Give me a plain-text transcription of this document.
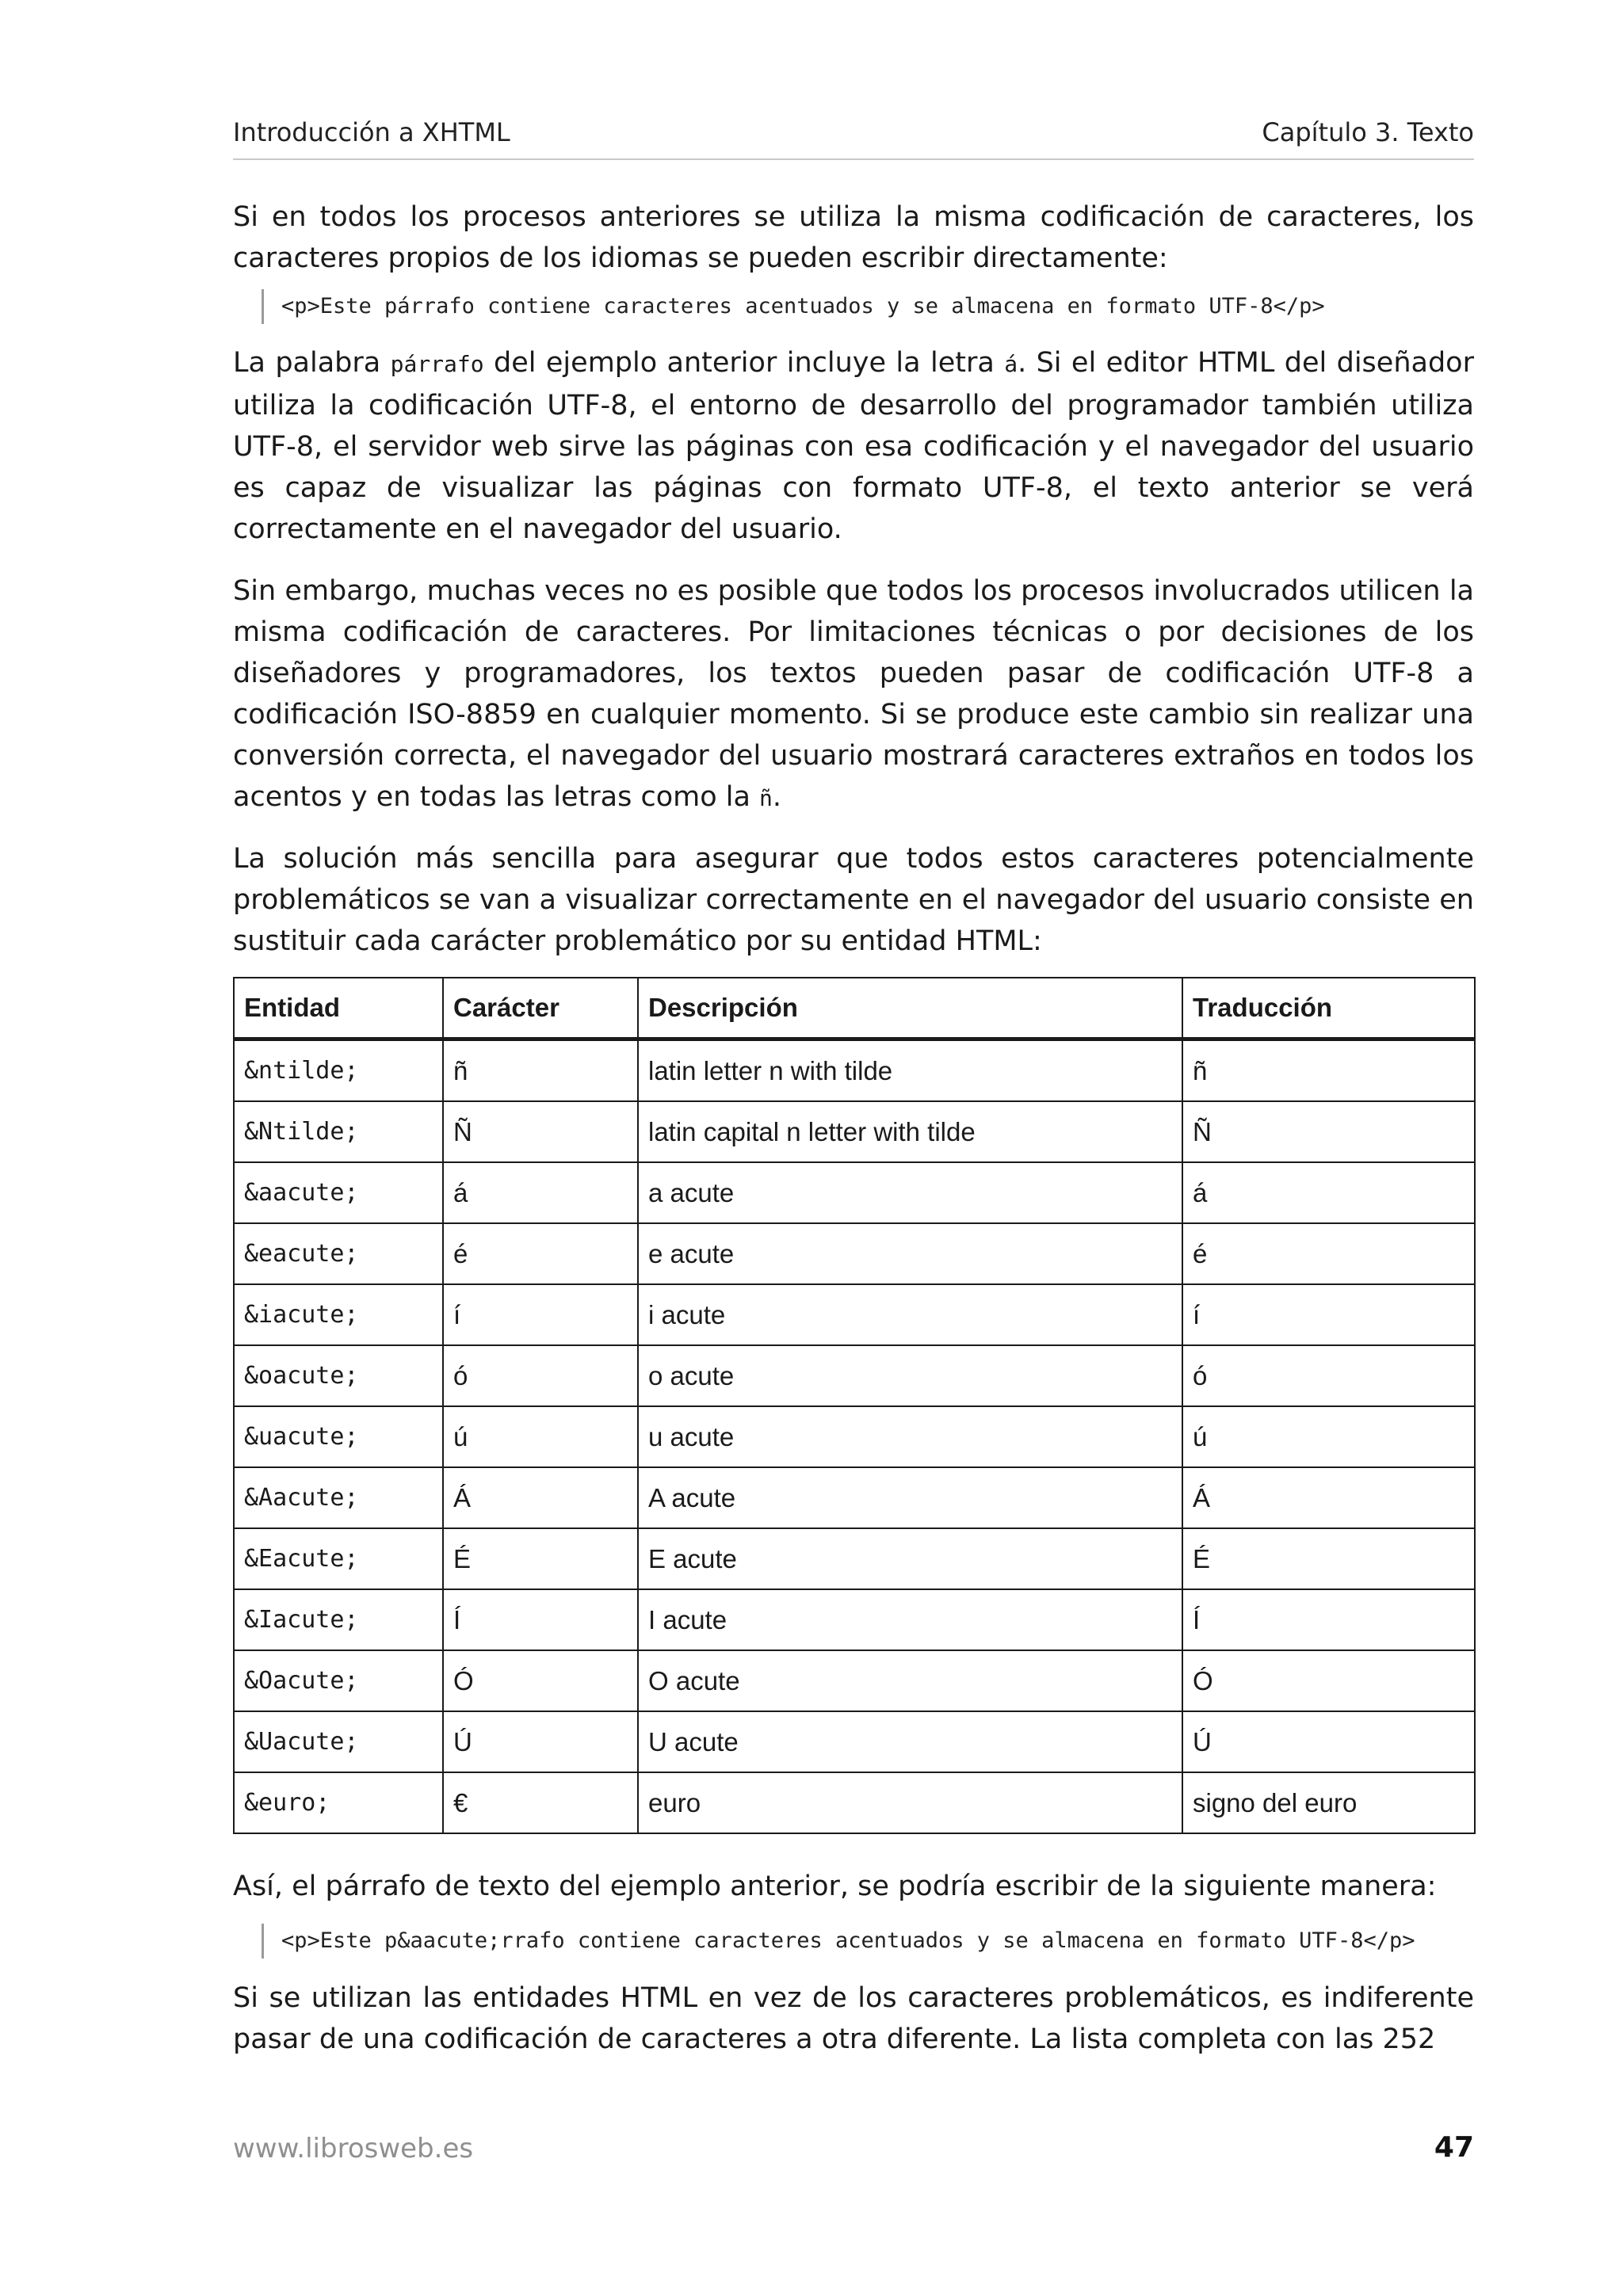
Introducción a XHTML	Capítulo 3. Texto

Si en todos los procesos anteriores se utiliza la misma codificación de caracteres, los caracteres propios de los idiomas se pueden escribir directamente:

<p>Este párrafo contiene caracteres acentuados y se almacena en formato UTF-8</p>

La palabra párrafo del ejemplo anterior incluye la letra á. Si el editor HTML del diseñador utiliza la codificación UTF-8, el entorno de desarrollo del programador también utiliza UTF-8, el servidor web sirve las páginas con esa codificación y el navegador del usuario es capaz de visualizar las páginas con formato UTF-8, el texto anterior se verá correctamente en el navegador del usuario.

Sin embargo, muchas veces no es posible que todos los procesos involucrados utilicen la misma codificación de caracteres. Por limitaciones técnicas o por decisiones de los diseñadores y programadores, los textos pueden pasar de codificación UTF-8 a codificación ISO-8859 en cualquier momento. Si se produce este cambio sin realizar una conversión correcta, el navegador del usuario mostrará caracteres extraños en todos los acentos y en todas las letras como la ñ.

La solución más sencilla para asegurar que todos estos caracteres potencialmente problemáticos se van a visualizar correctamente en el navegador del usuario consiste en sustituir cada carácter problemático por su entidad HTML:

Entidad	Carácter	Descripción	Traducción
&ntilde;	ñ	latin letter n with tilde	ñ
&Ntilde;	Ñ	latin capital n letter with tilde	Ñ
&aacute;	á	a acute	á
&eacute;	é	e acute	é
&iacute;	í	i acute	í
&oacute;	ó	o acute	ó
&uacute;	ú	u acute	ú
&Aacute;	Á	A acute	Á
&Eacute;	É	E acute	É
&Iacute;	Í	I acute	Í
&Oacute;	Ó	O acute	Ó
&Uacute;	Ú	U acute	Ú
&euro;	€	euro	signo del euro

Así, el párrafo de texto del ejemplo anterior, se podría escribir de la siguiente manera:

<p>Este p&aacute;rrafo contiene caracteres acentuados y se almacena en formato UTF-8</p>

Si se utilizan las entidades HTML en vez de los caracteres problemáticos, es indiferente pasar de una codificación de caracteres a otra diferente. La lista completa con las 252

www.librosweb.es	47
